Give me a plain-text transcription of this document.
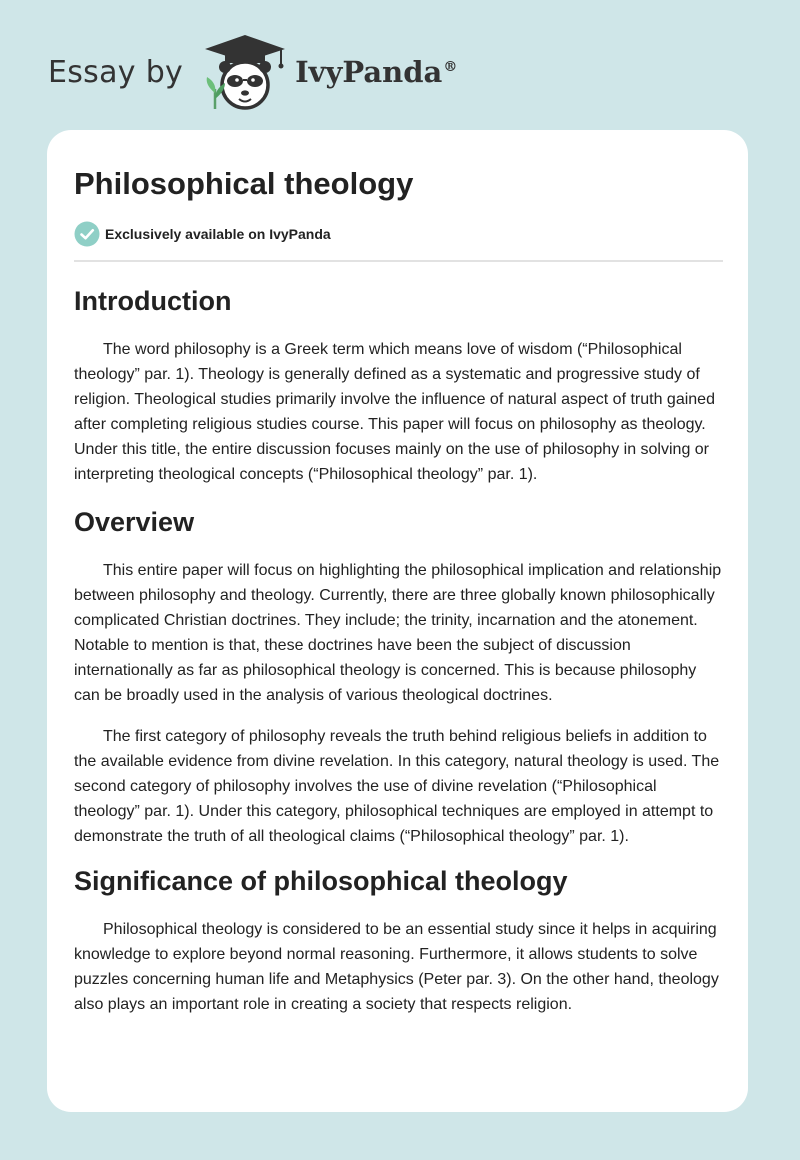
Essay by	IvyPanda®
Philosophical theology
Exclusively available on IvyPanda
Introduction

The word philosophy is a Greek term which means love of wisdom (“Philosophical theology” par. 1). Theology is generally defined as a systematic and progressive study of religion. Theological studies primarily involve the influence of natural aspect of truth gained after completing religious studies course. This paper will focus on philosophy as theology. Under this title, the entire discussion focuses mainly on the use of philosophy in solving or interpreting theological concepts (“Philosophical theology” par. 1).

Overview

This entire paper will focus on highlighting the philosophical implication and relationship between philosophy and theology. Currently, there are three globally known philosophically complicated Christian doctrines. They include; the trinity, incarnation and the atonement. Notable to mention is that, these doctrines have been the subject of discussion internationally as far as philosophical theology is concerned. This is because philosophy can be broadly used in the analysis of various theological doctrines.

The first category of philosophy reveals the truth behind religious beliefs in addition to the available evidence from divine revelation. In this category, natural theology is used. The second category of philosophy involves the use of divine revelation (“Philosophical theology” par. 1). Under this category, philosophical techniques are employed in attempt to demonstrate the truth of all theological claims (“Philosophical theology” par. 1).

Significance of philosophical theology

Philosophical theology is considered to be an essential study since it helps in acquiring knowledge to explore beyond normal reasoning. Furthermore, it allows students to solve puzzles concerning human life and Metaphysics (Peter par. 3). On the other hand, theology also plays an important role in creating a society that respects religion.
